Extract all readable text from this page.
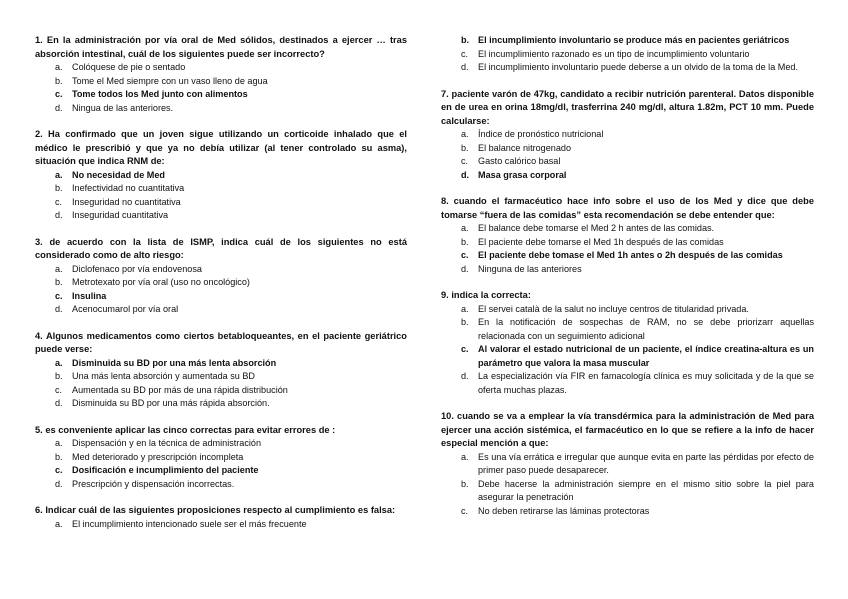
1. En la administración por vía oral de Med sólidos, destinados a ejercer … tras absorción intestinal, cuál de los siguientes puede ser incorrecto?

a. Colóquese de pie o sentado
b. Tome el Med siempre con un vaso lleno de agua
c. Tome todos los Med junto con alimentos
d. Ningua de las anteriores.

2. Ha confirmado que un joven sigue utilizando un corticoide inhalado que el médico le prescribió y que ya no debía utilizar (al tener controlado su asma), situación que indica RNM de:

a. No necesidad de Med
b. Inefectividad no cuantitativa
c. Inseguridad no cuantitativa
d. Inseguridad cuantitativa

3. de acuerdo con la lista de ISMP, indica cuál de los siguientes no está considerado como de alto riesgo:

a. Diclofenaco por vía endovenosa
b. Metrotexato por vía oral (uso no oncológico)
c. Insulina
d. Acenocumarol por vía oral

4. Algunos medicamentos como ciertos betabloqueantes, en el paciente geriátrico puede verse:

a. Disminuida su BD por una más lenta absorción
b. Una más lenta absorción y aumentada su BD
c. Aumentada su BD por más de una rápida distribución
d. Disminuida su BD por una más rápida absorción.

5. es conveniente aplicar las cinco correctas para evitar errores de :

a. Dispensación y en la técnica de administración
b. Med deteriorado y prescripción incompleta
c. Dosificación e incumplimiento del paciente
d. Prescripción y dispensación incorrectas.

6. Indicar cuál de las siguientes proposiciones respecto al cumplimiento es falsa:

a. El incumplimiento intencionado suele ser el más frecuente
b. El incumplimiento involuntario se produce más en pacientes geriátricos
c. El incumplimiento razonado es un tipo de incumplimiento voluntario
d. El incumplimiento involuntario puede deberse a un olvido de la toma de la Med.

7. paciente varón de 47kg, candidato a recibir nutrición parenteral. Datos disponible en de urea en orina 18mg/dl, trasferrina 240 mg/dl, altura 1.82m, PCT 10 mm. Puede calcularse:

a. Índice de pronóstico nutricional
b. El balance nitrogenado
c. Gasto calórico basal
d. Masa grasa corporal

8. cuando el farmacéutico hace info sobre el uso de los Med y dice que debe tomarse “fuera de las comidas” esta recomendación se debe entender que:

a. El balance debe tomarse el Med 2 h antes de las comidas.
b. El paciente debe tomarse el Med 1h después de las comidas
c. El paciente debe tomase el Med 1h antes o 2h después de las comidas
d. Ninguna de las anteriores

9. indica la correcta:

a. El servei català de la salut no incluye centros de titularidad privada.
b. En la notificación de sospechas de RAM, no se debe priorizarr aquellas relacionada con un seguimiento adicional
c. Al valorar el estado nutricional de un paciente, el índice creatina-altura es un parámetro que valora la masa muscular
d. La especialización vía FIR en famacología clínica es muy solicitada y de la que se oferta muchas plazas.

10. cuando se va a emplear la vía transdérmica para la administración de Med para ejercer una acción sistémica, el farmacéutico en lo que se refiere a la info de hacer especial mención a que:

a. Es una vía errática e irregular que aunque evita en parte las pérdidas por efecto de primer paso puede desaparecer.
b. Debe hacerse la administración siempre en el mismo sitio sobre la piel para asegurar la penetración
c. No deben retirarse las láminas protectoras
